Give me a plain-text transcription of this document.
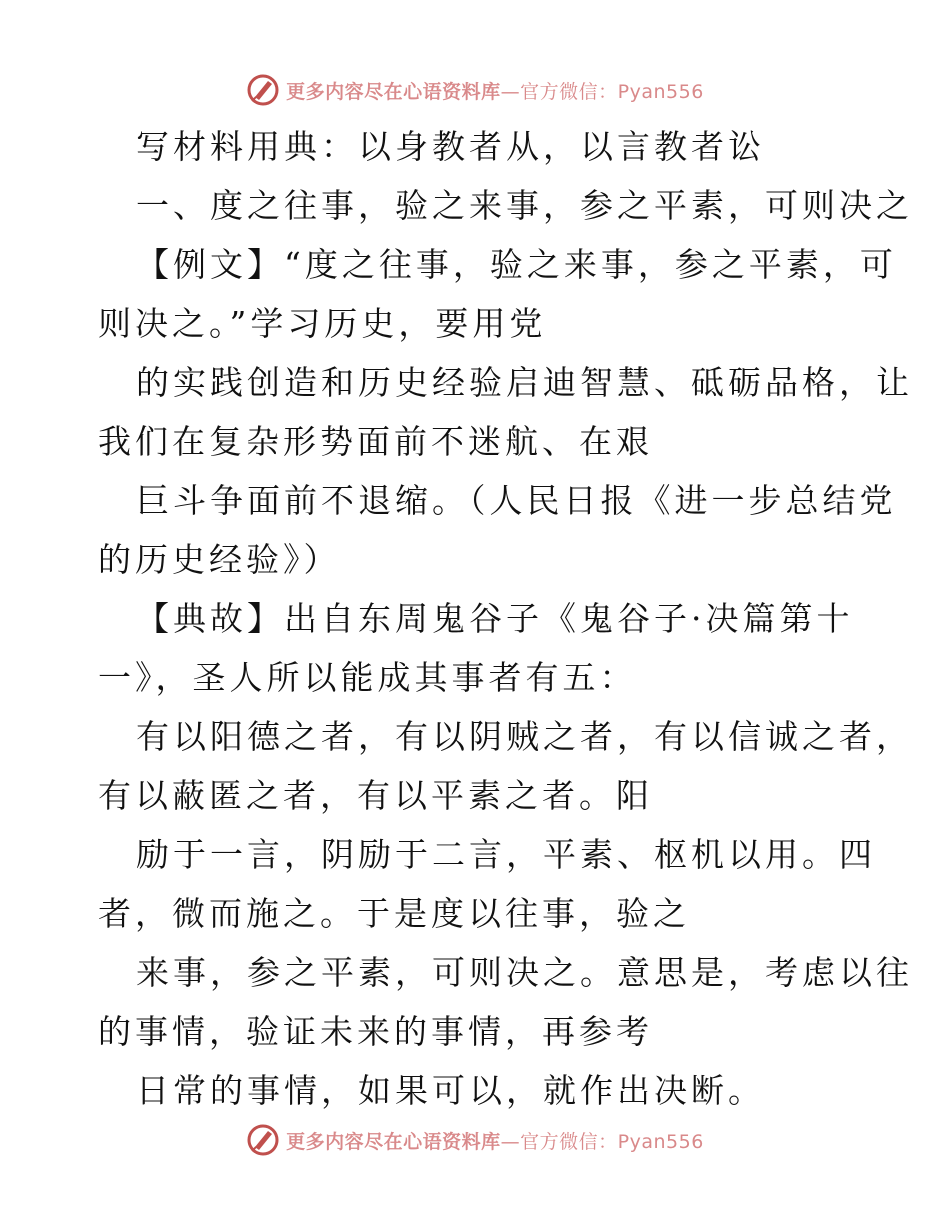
更多内容尽在心语资料库—官方微信：Pyan556
写材料用典：以身教者从，以言教者讼
一、度之往事，验之来事，参之平素，可则决之
【例文】“度之往事，验之来事，参之平素，可
则决之。”学习历史，要用党
的实践创造和历史经验启迪智慧、砥砺品格，让
我们在复杂形势面前不迷航、在艰
巨斗争面前不退缩。（人民日报《进一步总结党
的历史经验》）
【典故】出自东周鬼谷子《鬼谷子·决篇第十
一》，圣人所以能成其事者有五：
有以阳德之者，有以阴贼之者，有以信诚之者，
有以蔽匿之者，有以平素之者。阳
励于一言，阴励于二言，平素、枢机以用。四
者，微而施之。于是度以往事，验之
来事，参之平素，可则决之。意思是，考虑以往
的事情，验证未来的事情，再参考
日常的事情，如果可以，就作出决断。
更多内容尽在心语资料库—官方微信：Pyan556
